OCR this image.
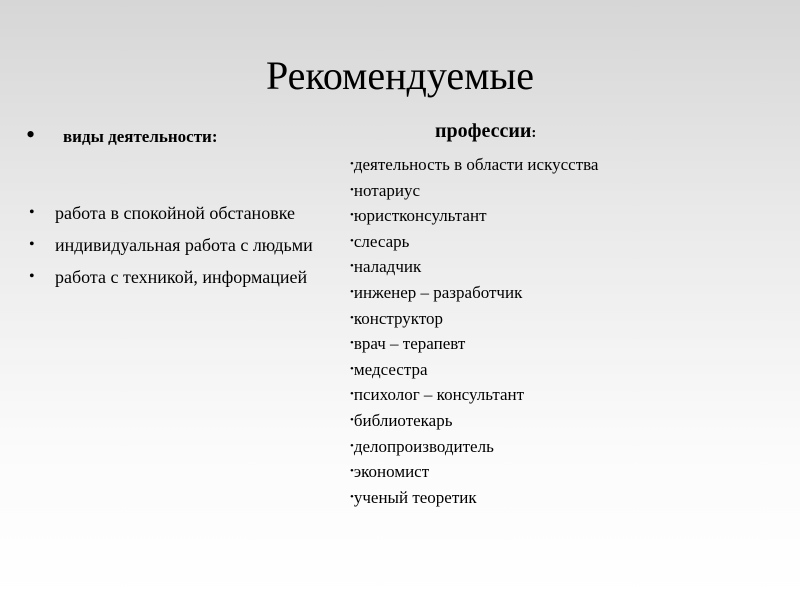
Рекомендуемые
• виды деятельности:
• работа в спокойной обстановке
• индивидуальная работа с людьми
• работа с техникой, информацией
профессии:
•деятельность в области искусства
•нотариус
•юристконсультант
•слесарь
•наладчик
•инженер – разработчик
•конструктор
•врач – терапевт
•медсестра
•психолог – консультант
•библиотекарь
•делопроизводитель
•экономист
•ученый теоретик
